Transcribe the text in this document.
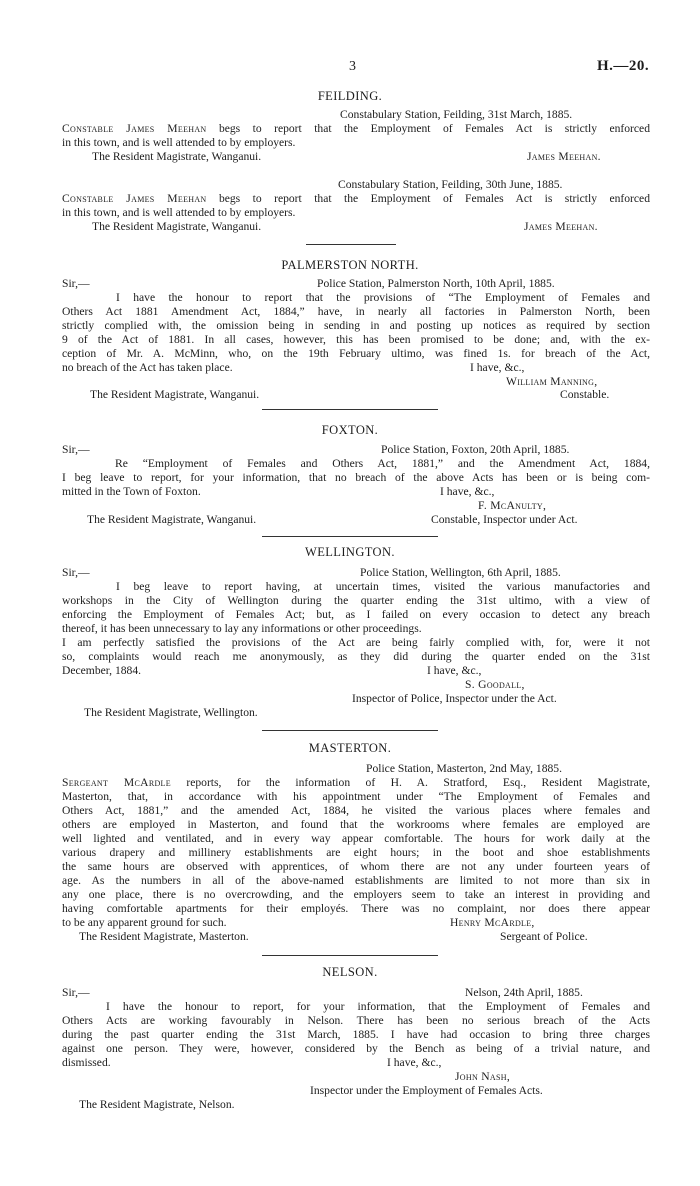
3	H.—20.
FEILDING.
Constabulary Station, Feilding, 31st March, 1885.
Constable James Meehan begs to report that the Employment of Females Act is strictly enforced
in this town, and is well attended to by employers.
The Resident Magistrate, Wanganui.	James Meehan.
Constabulary Station, Feilding, 30th June, 1885.
Constable James Meehan begs to report that the Employment of Females Act is strictly enforced
in this town, and is well attended to by employers.
The Resident Magistrate, Wanganui.	James Meehan.
PALMERSTON NORTH.
Sir,—	Police Station, Palmerston North, 10th April, 1885.
I have the honour to report that the provisions of “The Employment of Females and
Others Act 1881 Amendment Act, 1884,” have, in nearly all factories in Palmerston North, been
strictly complied with, the omission being in sending in and posting up notices as required by section
9 of the Act of 1881. In all cases, however, this has been promised to be done; and, with the ex-
ception of Mr. A. McMinn, who, on the 19th February ultimo, was fined 1s. for breach of the Act,
no breach of the Act has taken place.	I have, &c.,
William Manning,
The Resident Magistrate, Wanganui.	Constable.
FOXTON.
Sir,—	Police Station, Foxton, 20th April, 1885.
Re “Employment of Females and Others Act, 1881,” and the Amendment Act, 1884,
I beg leave to report, for your information, that no breach of the above Acts has been or is being com-
mitted in the Town of Foxton.	I have, &c.,
F. McAnulty,
The Resident Magistrate, Wanganui.	Constable, Inspector under Act.
WELLINGTON.
Sir,—	Police Station, Wellington, 6th April, 1885.
I beg leave to report having, at uncertain times, visited the various manufactories and
workshops in the City of Wellington during the quarter ending the 31st ultimo, with a view of
enforcing the Employment of Females Act; but, as I failed on every occasion to detect any breach
thereof, it has been unnecessary to lay any informations or other proceedings.
I am perfectly satisfied the provisions of the Act are being fairly complied with, for, were it not
so, complaints would reach me anonymously, as they did during the quarter ended on the 31st
December, 1884.	I have, &c.,
S. Goodall,
Inspector of Police, Inspector under the Act.
The Resident Magistrate, Wellington.
MASTERTON.
Police Station, Masterton, 2nd May, 1885.
Sergeant McArdle reports, for the information of H. A. Stratford, Esq., Resident Magistrate,
Masterton, that, in accordance with his appointment under “The Employment of Females and
Others Act, 1881,” and the amended Act, 1884, he visited the various places where females and
others are employed in Masterton, and found that the workrooms where females are employed are
well lighted and ventilated, and in every way appear comfortable. The hours for work daily at the
various drapery and millinery establishments are eight hours; in the boot and shoe establishments
the same hours are observed with apprentices, of whom there are not any under fourteen years of
age. As the numbers in all of the above-named establishments are limited to not more than six in
any one place, there is no overcrowding, and the employers seem to take an interest in providing and
having comfortable apartments for their employés. There was no complaint, nor does there appear
to be any apparent ground for such.	Henry McArdle,
The Resident Magistrate, Masterton.	Sergeant of Police.
NELSON.
Sir,—	Nelson, 24th April, 1885.
I have the honour to report, for your information, that the Employment of Females and
Others Acts are working favourably in Nelson. There has been no serious breach of the Acts
during the past quarter ending the 31st March, 1885. I have had occasion to bring three charges
against one person. They were, however, considered by the Bench as being of a trivial nature, and
dismissed.	I have, &c.,
John Nash,
Inspector under the Employment of Females Acts.
The Resident Magistrate, Nelson.
